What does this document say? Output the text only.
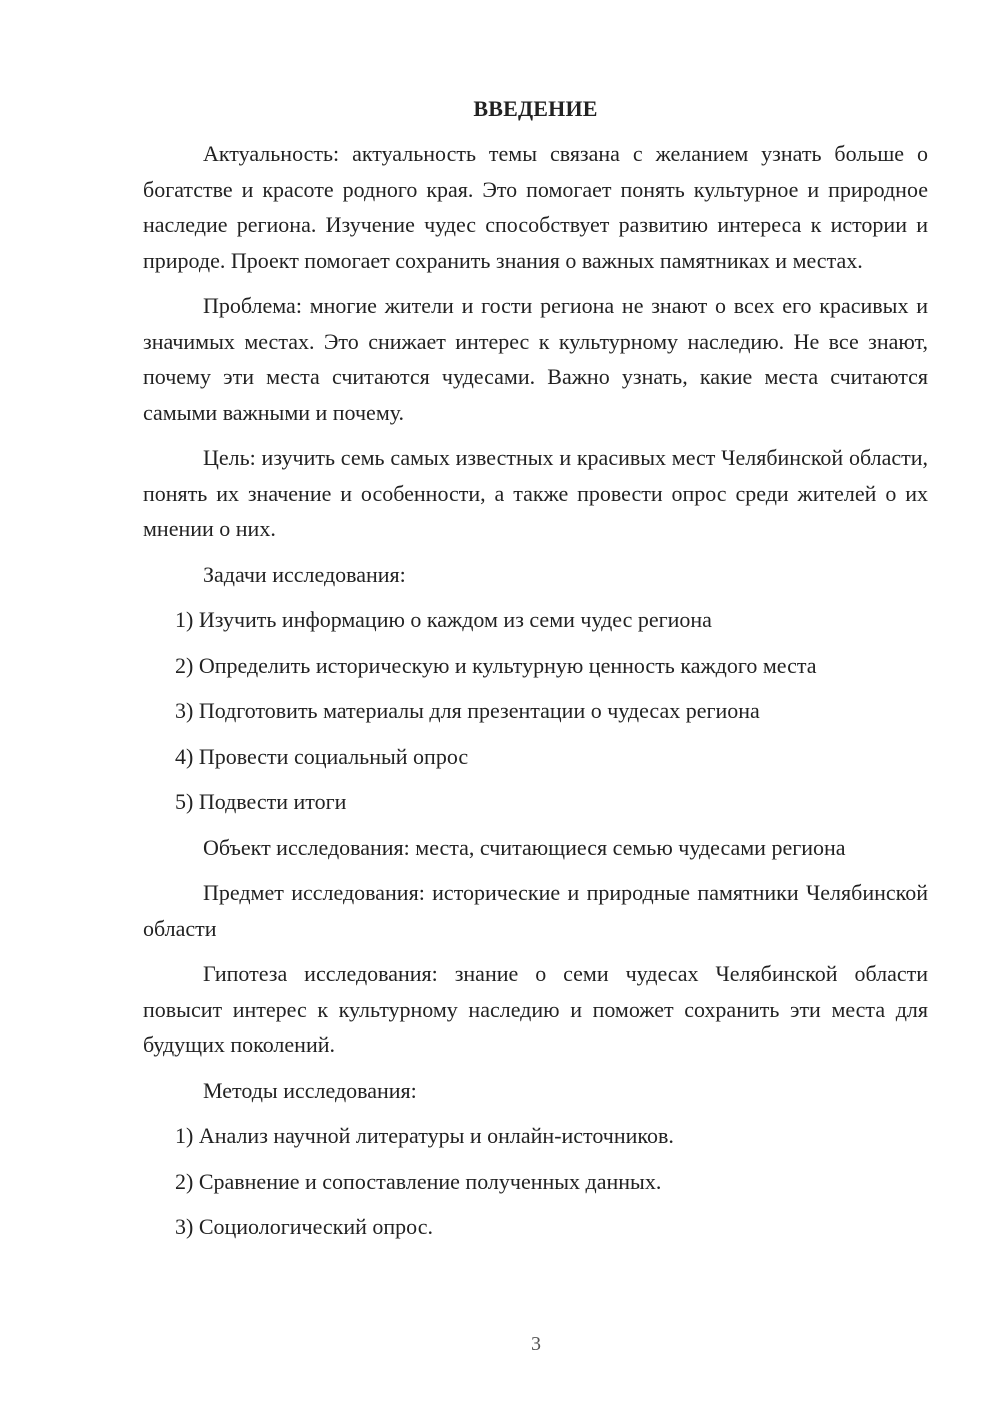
ВВЕДЕНИЕ

Актуальность: актуальность темы связана с желанием узнать больше о богатстве и красоте родного края. Это помогает понять культурное и природное наследие региона. Изучение чудес способствует развитию интереса к истории и природе. Проект помогает сохранить знания о важных памятниках и местах.

Проблема: многие жители и гости региона не знают о всех его красивых и значимых местах. Это снижает интерес к культурному наследию. Не все знают, почему эти места считаются чудесами. Важно узнать, какие места считаются самыми важными и почему.

Цель: изучить семь самых известных и красивых мест Челябинской области, понять их значение и особенности, а также провести опрос среди жителей о их мнении о них.

Задачи исследования:
1) Изучить информацию о каждом из семи чудес региона
2) Определить историческую и культурную ценность каждого места
3) Подготовить материалы для презентации о чудесах региона
4) Провести социальный опрос
5) Подвести итоги
Объект исследования: места, считающиеся семью чудесами региона

Предмет исследования: исторические и природные памятники Челябинской области

Гипотеза исследования: знание о семи чудесах Челябинской области повысит интерес к культурному наследию и поможет сохранить эти места для будущих поколений.

Методы исследования:
1) Анализ научной литературы и онлайн-источников.
2) Сравнение и сопоставление полученных данных.
3) Социологический опрос.
3
